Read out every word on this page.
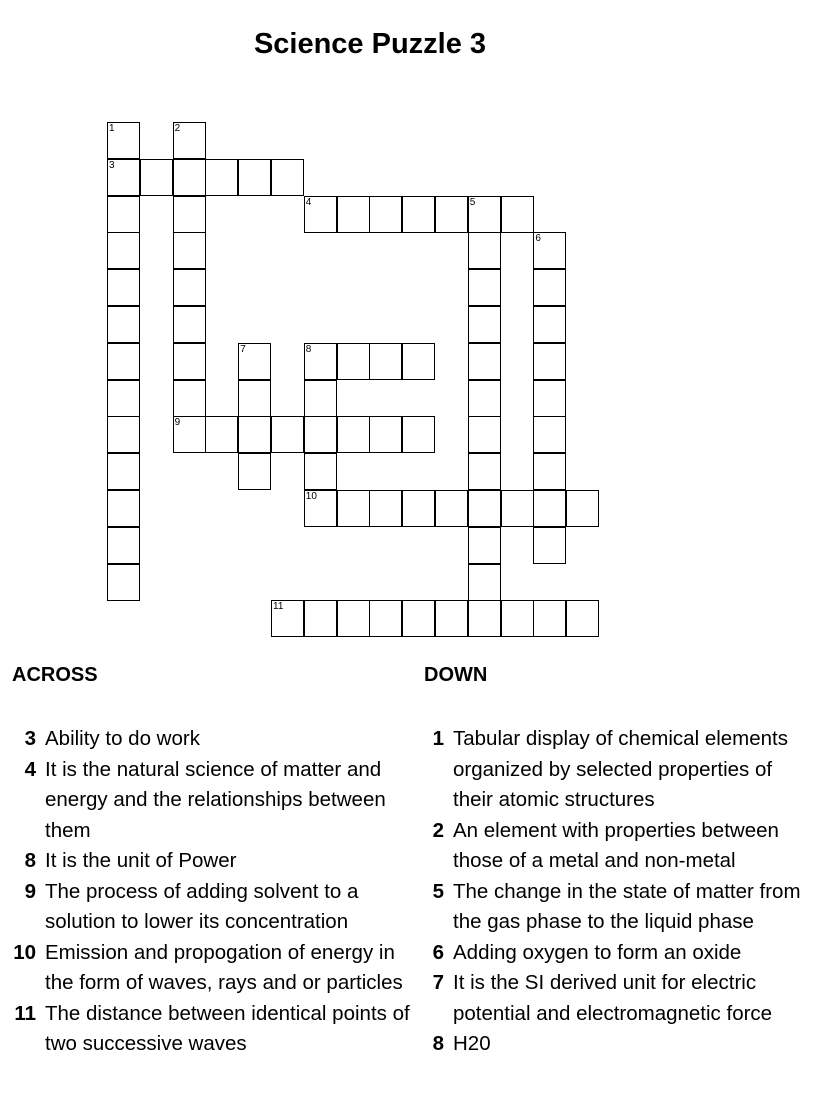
Science Puzzle 3
1
3
2
9
4	5
6
7	8
10
11
ACROSS	DOWN
3 Ability to do work
4 It is the natural science of matter and energy and the relationships between them
8 It is the unit of Power
9 The process of adding solvent to a solution to lower its concentration
10 Emission and propogation of energy in the form of waves, rays and or particles
11 The distance between identical points of two successive waves
1 Tabular display of chemical elements organized by selected properties of their atomic structures
2 An element with properties between those of a metal and non-metal
5 The change in the state of matter from the gas phase to the liquid phase
6 Adding oxygen to form an oxide
7 It is the SI derived unit for electric potential and electromagnetic force
8 H20
